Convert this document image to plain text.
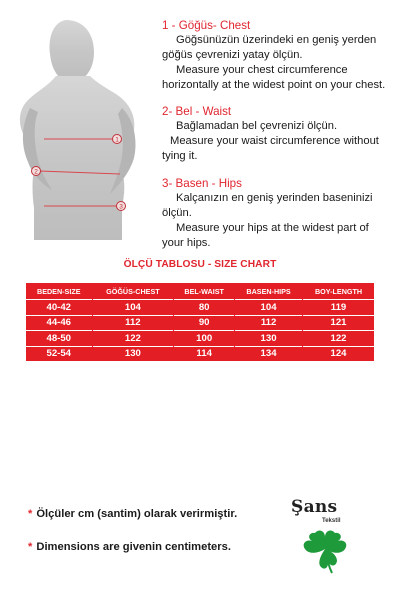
1
2
3
1 - Göğüs- Chest
Göğsünüzün üzerindeki en geniş yerden
göğüs çevrenizi yatay ölçün.
Measure your chest circumference
horizontally at the widest point on your chest.
2- Bel - Waist
Bağlamadan bel çevrenizi ölçün.
Measure your waist circumference without
tying it.
3- Basen - Hips
Kalçanızın en geniş yerinden baseninizi
ölçün.
Measure your hips at the widest part of
your hips.
ÖLÇÜ TABLOSU - SIZE CHART
BEDEN-SIZE	GÖĞÜS-CHEST	BEL-WAIST	BASEN-HIPS	BOY-LENGTH
40-42	104	80	104	119
44-46	112	90	112	121
48-50	122	100	130	122
52-54	130	114	134	124
* Ölçüler cm (santim) olarak verirmiştir.
* Dimensions are givenin centimeters.
Şans
Tekstil
